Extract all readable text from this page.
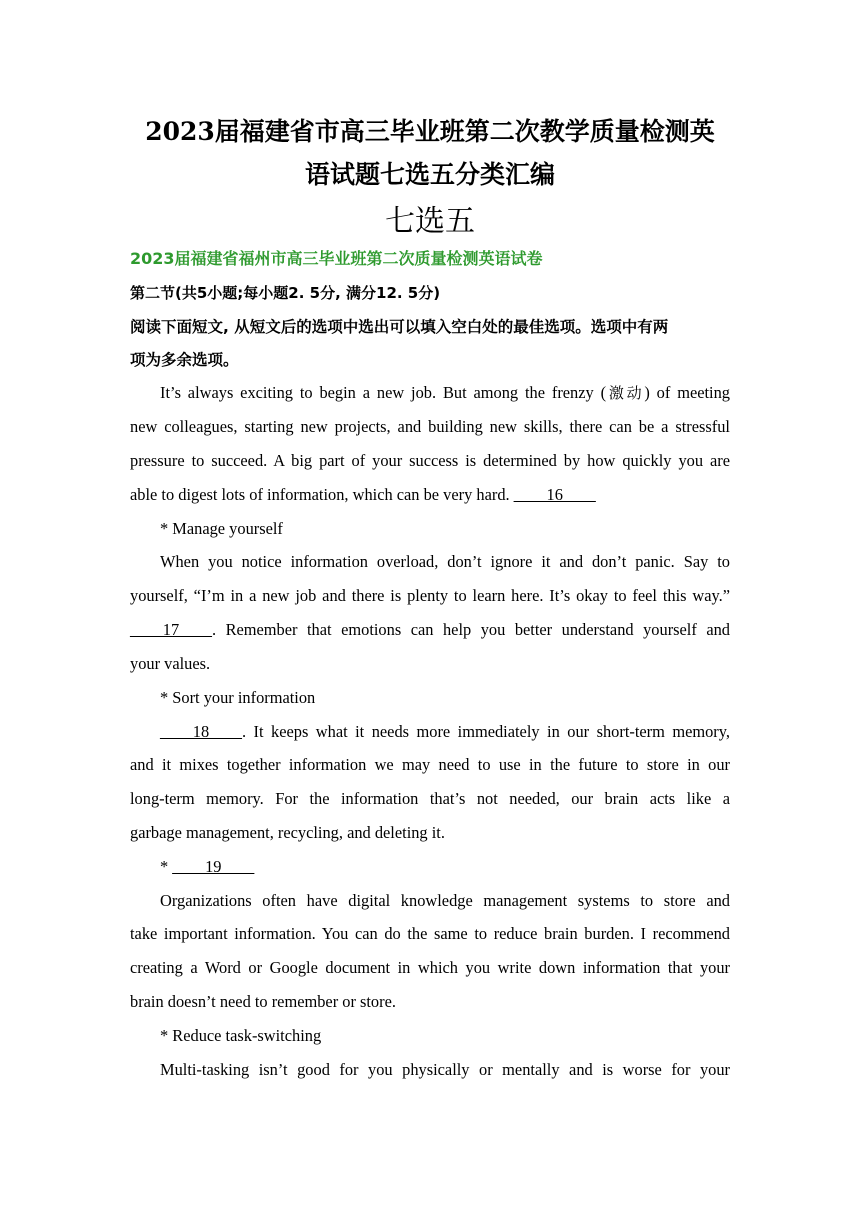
2023届福建省市高三毕业班第二次教学质量检测英
语试题七选五分类汇编
七选五
2023届福建省福州市高三毕业班第二次质量检测英语试卷
第二节(共5小题;每小题2. 5分, 满分12. 5分)
阅读下面短文, 从短文后的选项中选出可以填入空白处的最佳选项。选项中有两
项为多余选项。
It’s always exciting to begin a new job. But among the frenzy (激动) of meeting
new colleagues, starting new projects, and building new skills, there can be a stressful
pressure to succeed. A big part of your success is determined by how quickly you are
able to digest lots of information, which can be very hard. ____16____
* Manage yourself
When you notice information overload, don’t ignore it and don’t panic. Say to
yourself, “I’m in a new job and there is plenty to learn here. It’s okay to feel this way.”
____17____. Remember that emotions can help you better understand yourself and
your values.
* Sort your information
____18____. It keeps what it needs more immediately in our short-term memory,
and it mixes together information we may need to use in the future to store in our
long-term memory. For the information that’s not needed, our brain acts like a
garbage management, recycling, and deleting it.
* ____19____
Organizations often have digital knowledge management systems to store and
take important information. You can do the same to reduce brain burden. I recommend
creating a Word or Google document in which you write down information that your
brain doesn’t need to remember or store.
* Reduce task-switching
Multi-tasking isn’t good for you physically or mentally and is worse for your
